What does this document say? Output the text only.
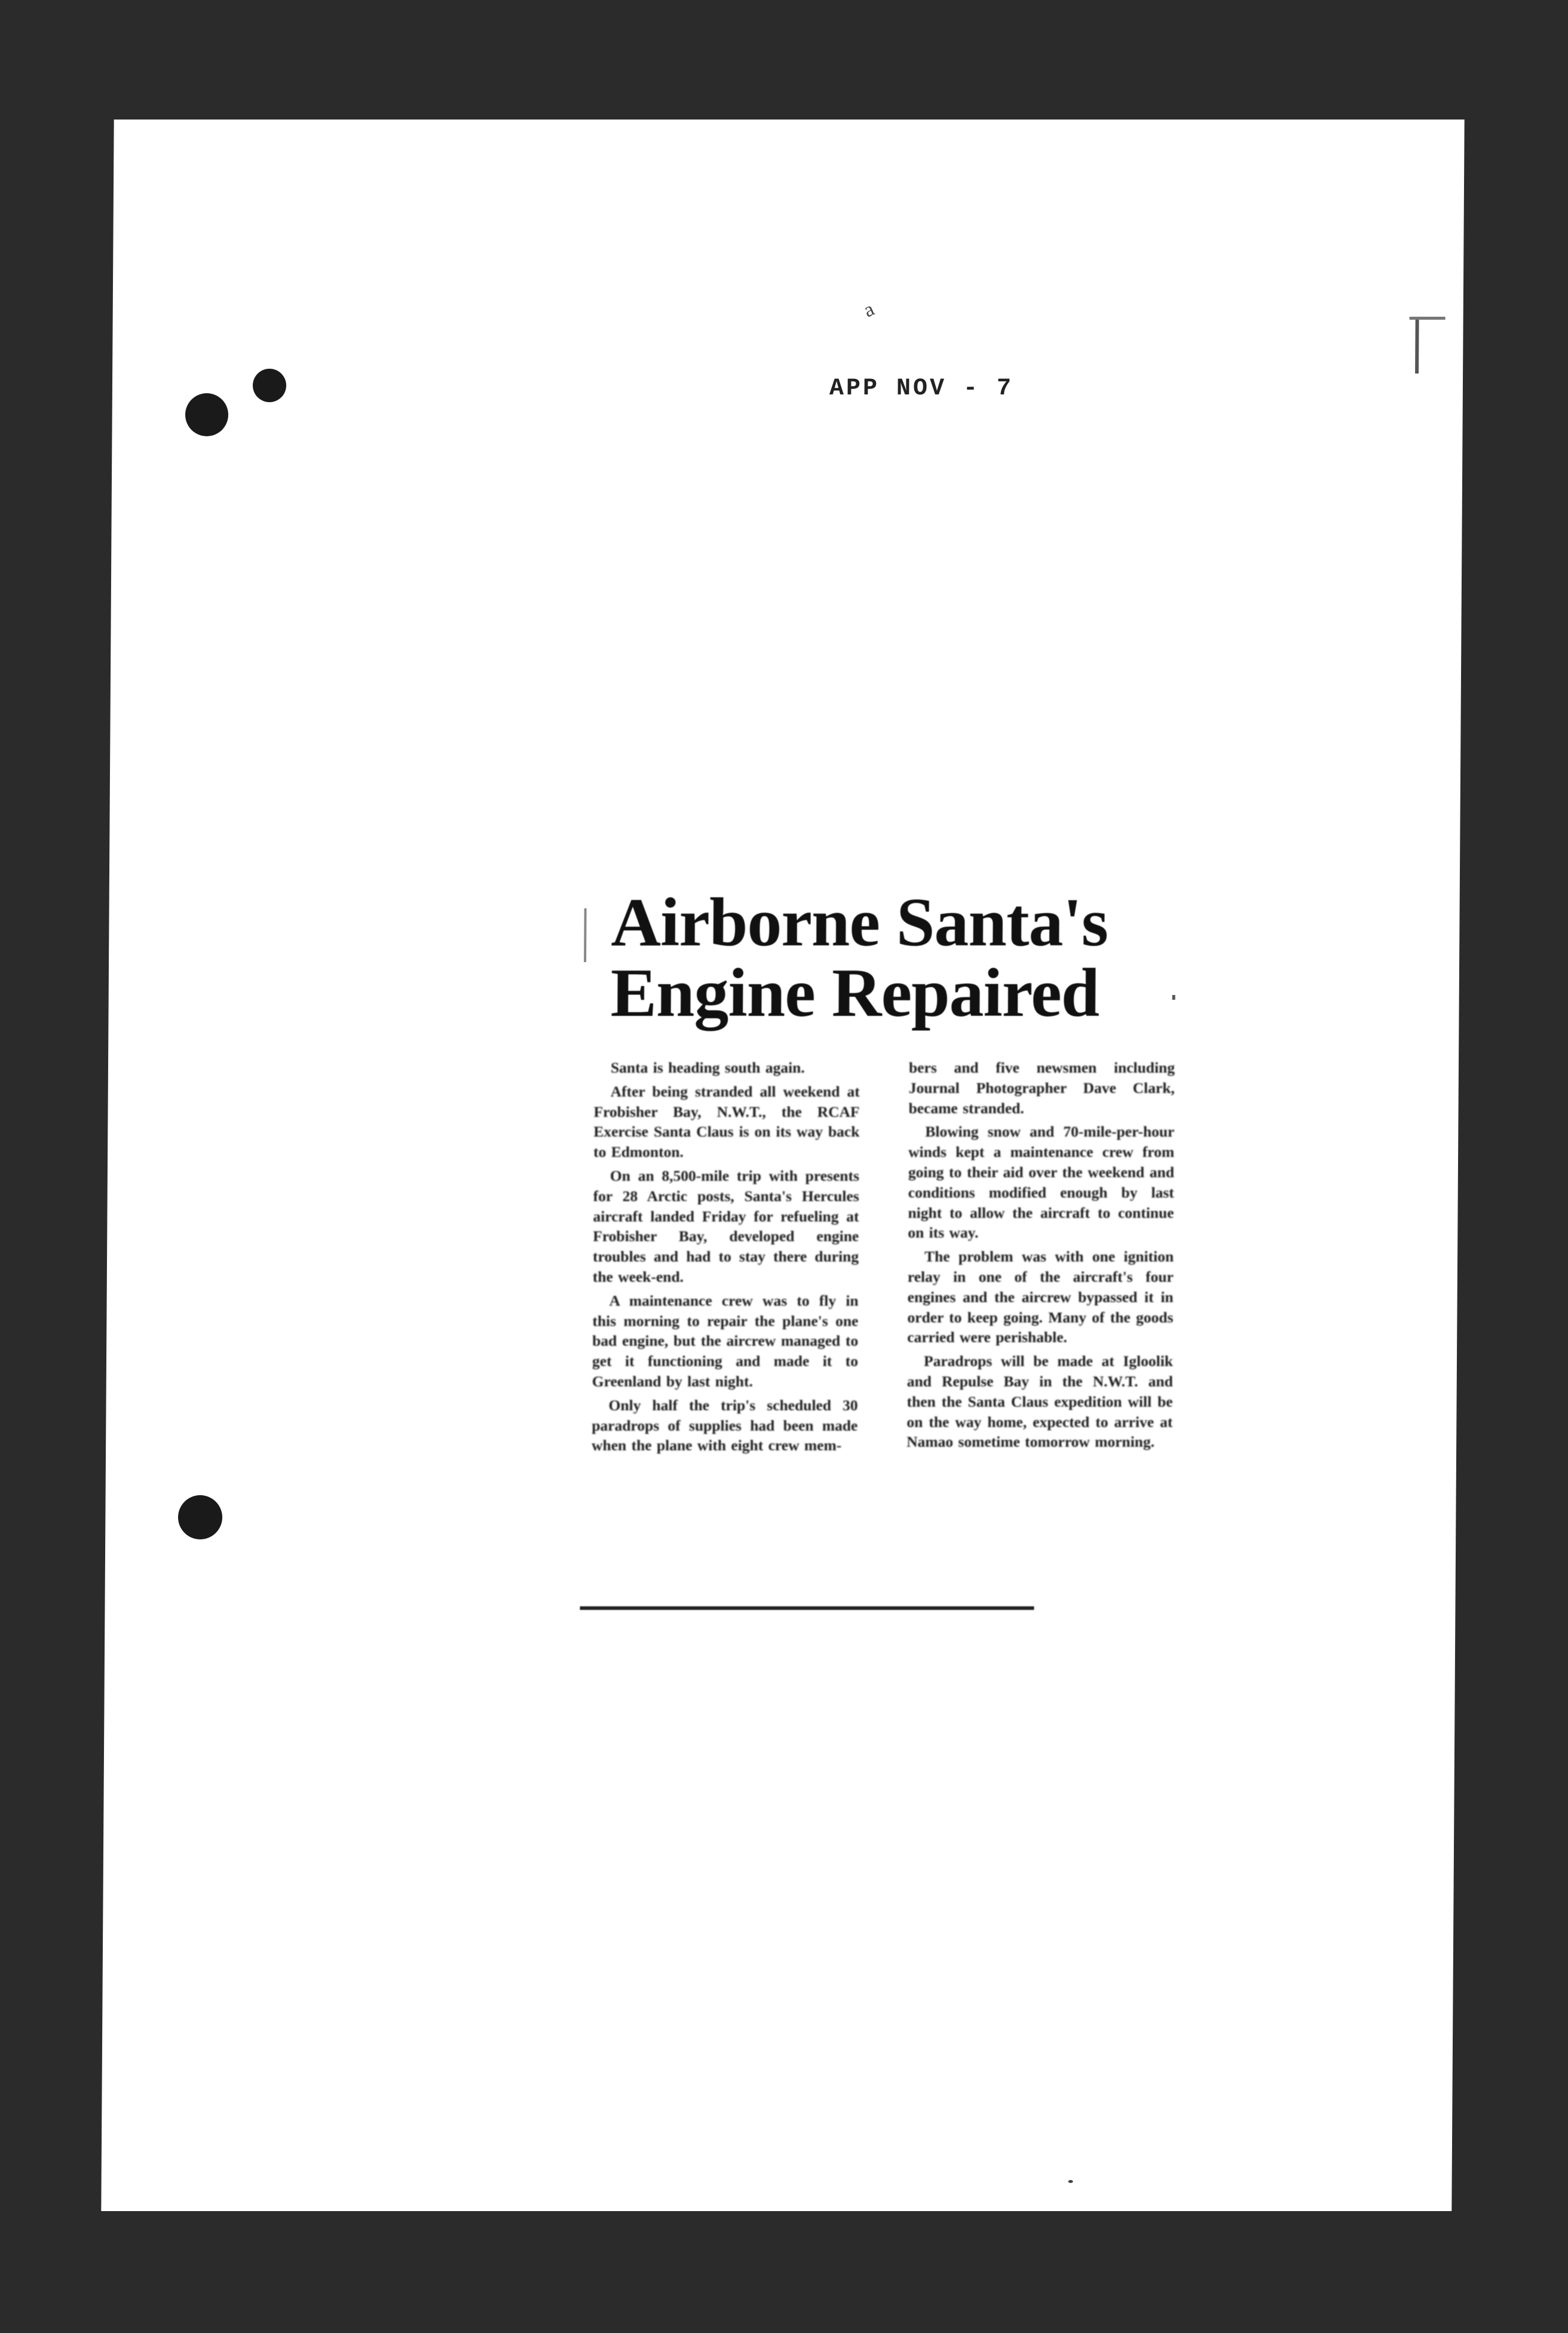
a
APP NOV - 7
Airborne Santa's
Engine Repaired

Santa is heading south again.

After being stranded all weekend at Frobisher Bay, N.W.T., the RCAF Exercise Santa Claus is on its way back to Edmonton.

On an 8,500-mile trip with presents for 28 Arctic posts, Santa's Hercules aircraft landed Friday for refueling at Frobisher Bay, developed engine troubles and had to stay there during the week-end.

A maintenance crew was to fly in this morning to repair the plane's one bad engine, but the aircrew managed to get it functioning and made it to Greenland by last night.

Only half the trip's scheduled 30 paradrops of supplies had been made when the plane with eight crew mem-

bers and five newsmen including Journal Photographer Dave Clark, became stranded.

Blowing snow and 70-mile-per-hour winds kept a maintenance crew from going to their aid over the weekend and conditions modified enough by last night to allow the aircraft to continue on its way.

The problem was with one ignition relay in one of the aircraft's four engines and the aircrew bypassed it in order to keep going. Many of the goods carried were perishable.

Paradrops will be made at Igloolik and Repulse Bay in the N.W.T. and then the Santa Claus expedition will be on the way home, expected to arrive at Namao sometime tomorrow morning.
